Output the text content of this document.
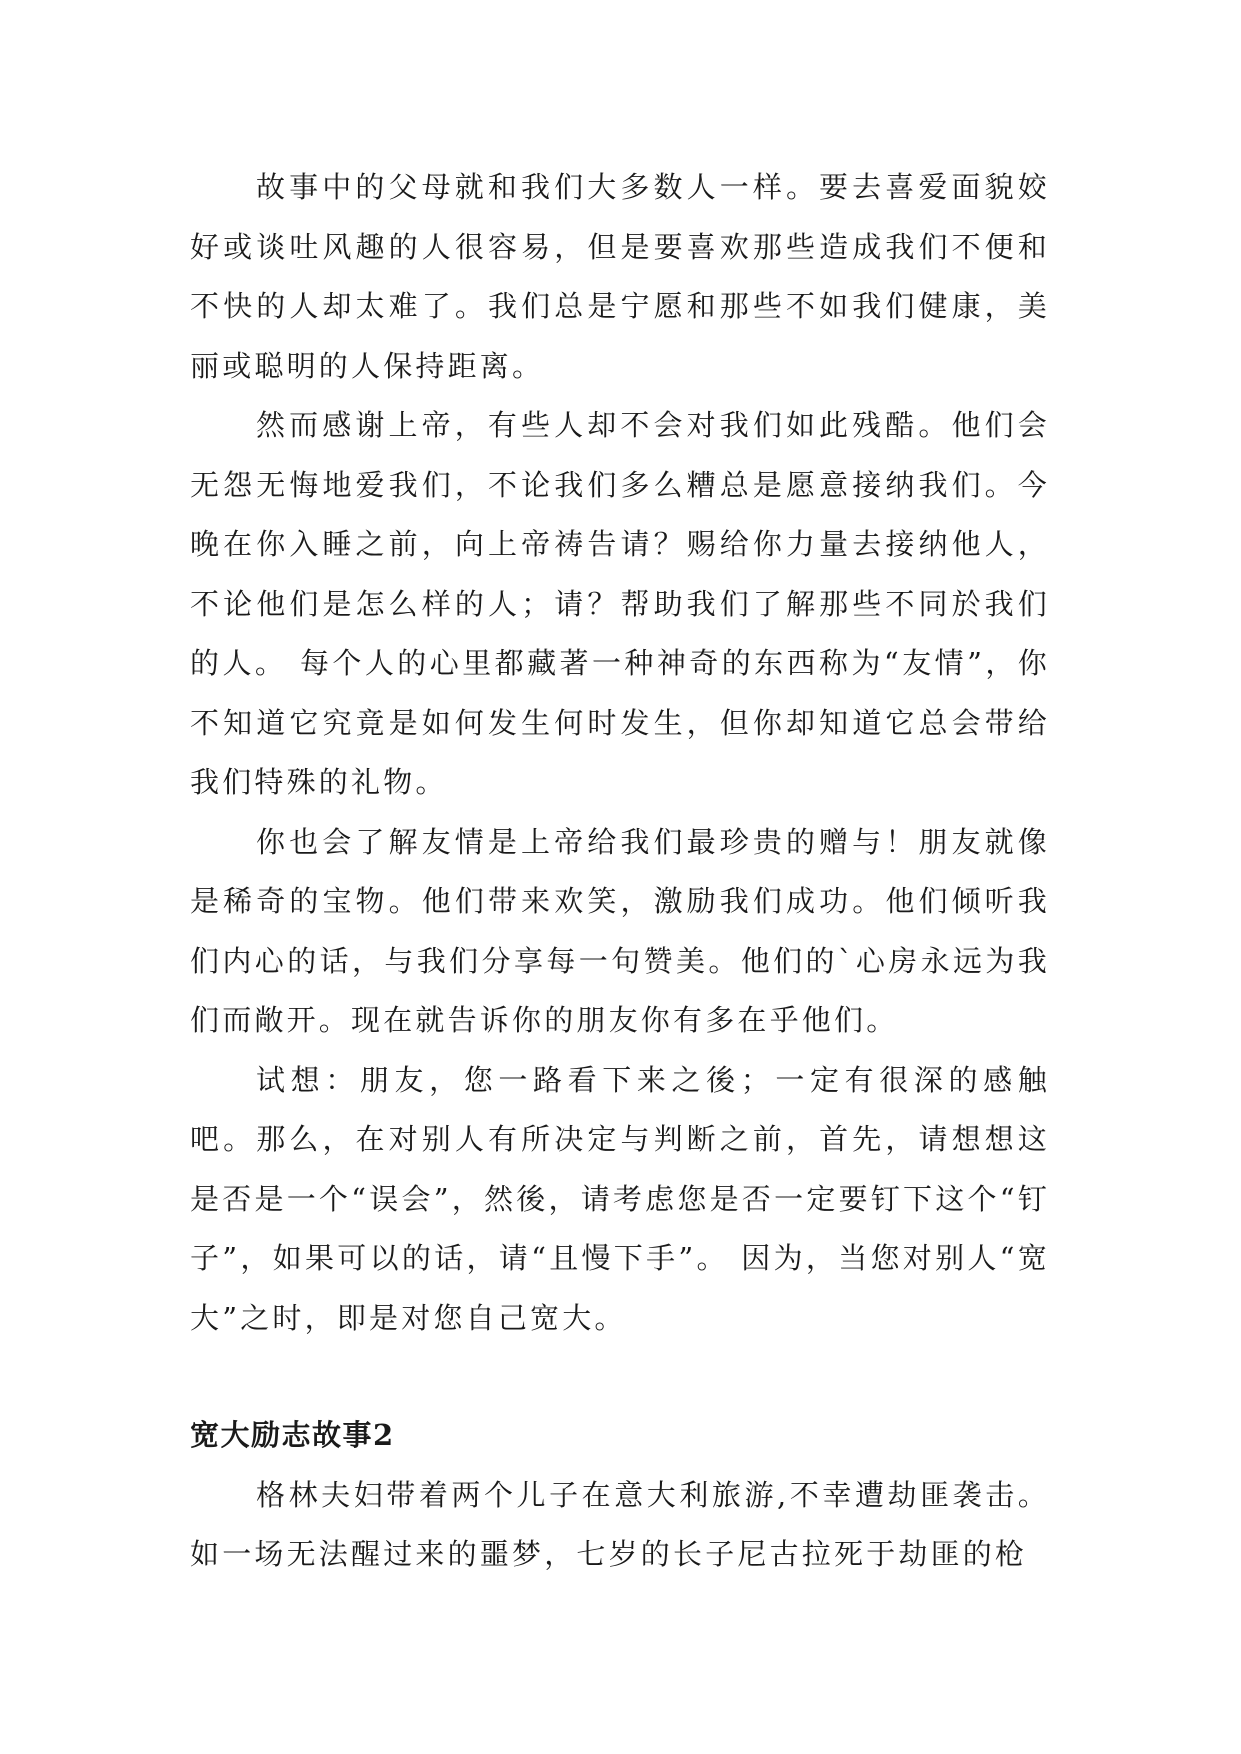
故事中的父母就和我们大多数人一样。要去喜爱面貌姣好或谈吐风趣的人很容易，但是要喜欢那些造成我们不便和不快的人却太难了。我们总是宁愿和那些不如我们健康，美丽或聪明的人保持距离。

然而感谢上帝，有些人却不会对我们如此残酷。他们会无怨无悔地爱我们，不论我们多么糟总是愿意接纳我们。今晚在你入睡之前，向上帝祷告请？赐给你力量去接纳他人，不论他们是怎么样的人；请？帮助我们了解那些不同於我们的人。 每个人的心里都藏著一种神奇的东西称为“友情”，你不知道它究竟是如何发生何时发生，但你却知道它总会带给我们特殊的礼物。

你也会了解友情是上帝给我们最珍贵的赠与！朋友就像是稀奇的宝物。他们带来欢笑，激励我们成功。他们倾听我们内心的话，与我们分享每一句赞美。他们的`心房永远为我们而敞开。现在就告诉你的朋友你有多在乎他们。

试想：朋友，您一路看下来之後；一定有很深的感触吧。那么，在对别人有所决定与判断之前，首先，请想想这是否是一个“误会”，然後，请考虑您是否一定要钉下这个“钉子”，如果可以的话，请“且慢下手”。 因为，当您对别人“宽大”之时，即是对您自己宽大。

宽大励志故事2

格林夫妇带着两个儿子在意大利旅游,不幸遭劫匪袭击。如一场无法醒过来的噩梦，七岁的长子尼古拉死于劫匪的枪
